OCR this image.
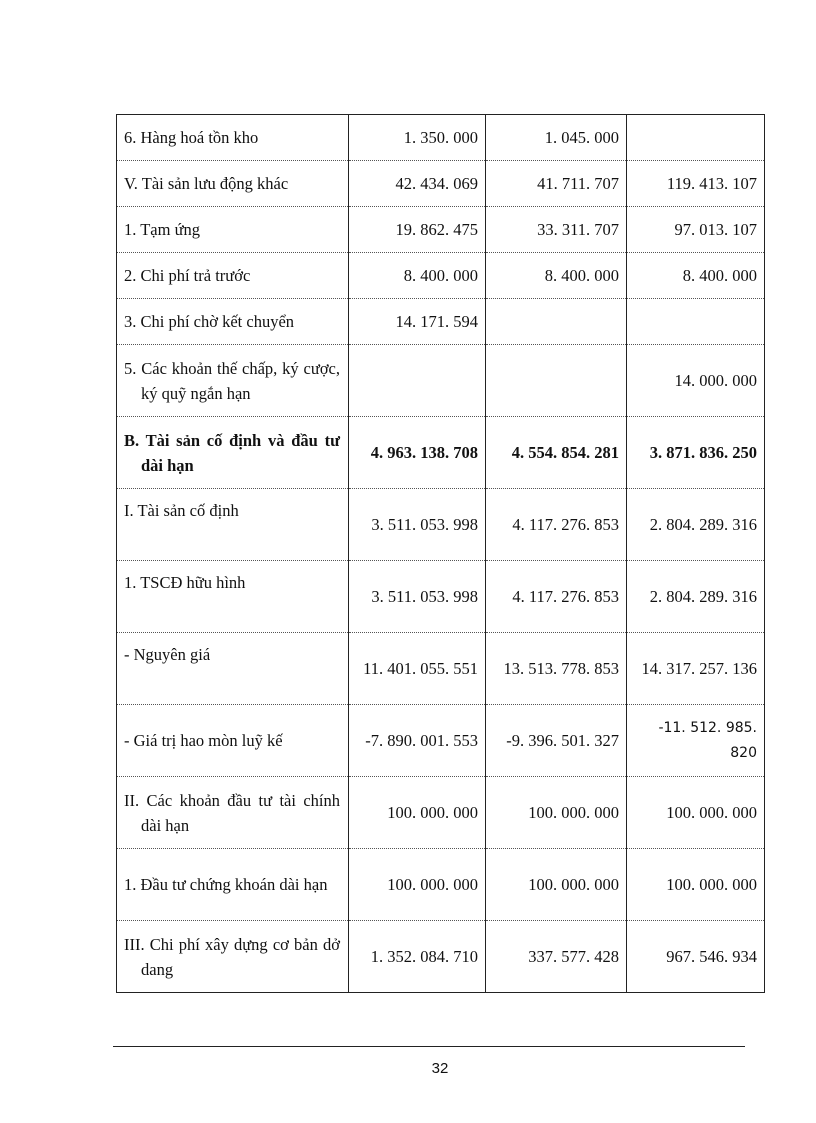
6. Hàng hoá tồn kho	1. 350. 000	1. 045. 000	
V. Tài sản lưu động khác	42. 434. 069	41. 711. 707	119. 413. 107
1. Tạm ứng	19. 862. 475	33. 311. 707	97. 013. 107
2. Chi phí trả trước	8. 400. 000	8. 400. 000	8. 400. 000
3. Chi phí chờ kết chuyển	14. 171. 594		
5. Các khoản thế chấp, ký cược, ký quỹ ngắn hạn			14. 000. 000
B. Tài sản cố định và đầu tư dài hạn	4. 963. 138. 708	4. 554. 854. 281	3. 871. 836. 250
I. Tài sản cố định	3. 511. 053. 998	4. 117. 276. 853	2. 804. 289. 316
1. TSCĐ hữu hình	3. 511. 053. 998	4. 117. 276. 853	2. 804. 289. 316
- Nguyên giá	11. 401. 055. 551	13. 513. 778. 853	14. 317. 257. 136
- Giá trị hao mòn luỹ kế	-7. 890. 001. 553	-9. 396. 501. 327	-11. 512. 985. 820
II. Các khoản đầu tư tài chính dài hạn	100. 000. 000	100. 000. 000	100. 000. 000
1. Đầu tư chứng khoán dài hạn	100. 000. 000	100. 000. 000	100. 000. 000
III. Chi phí xây dựng cơ bản dở dang	1. 352. 084. 710	337. 577. 428	967. 546. 934
32
